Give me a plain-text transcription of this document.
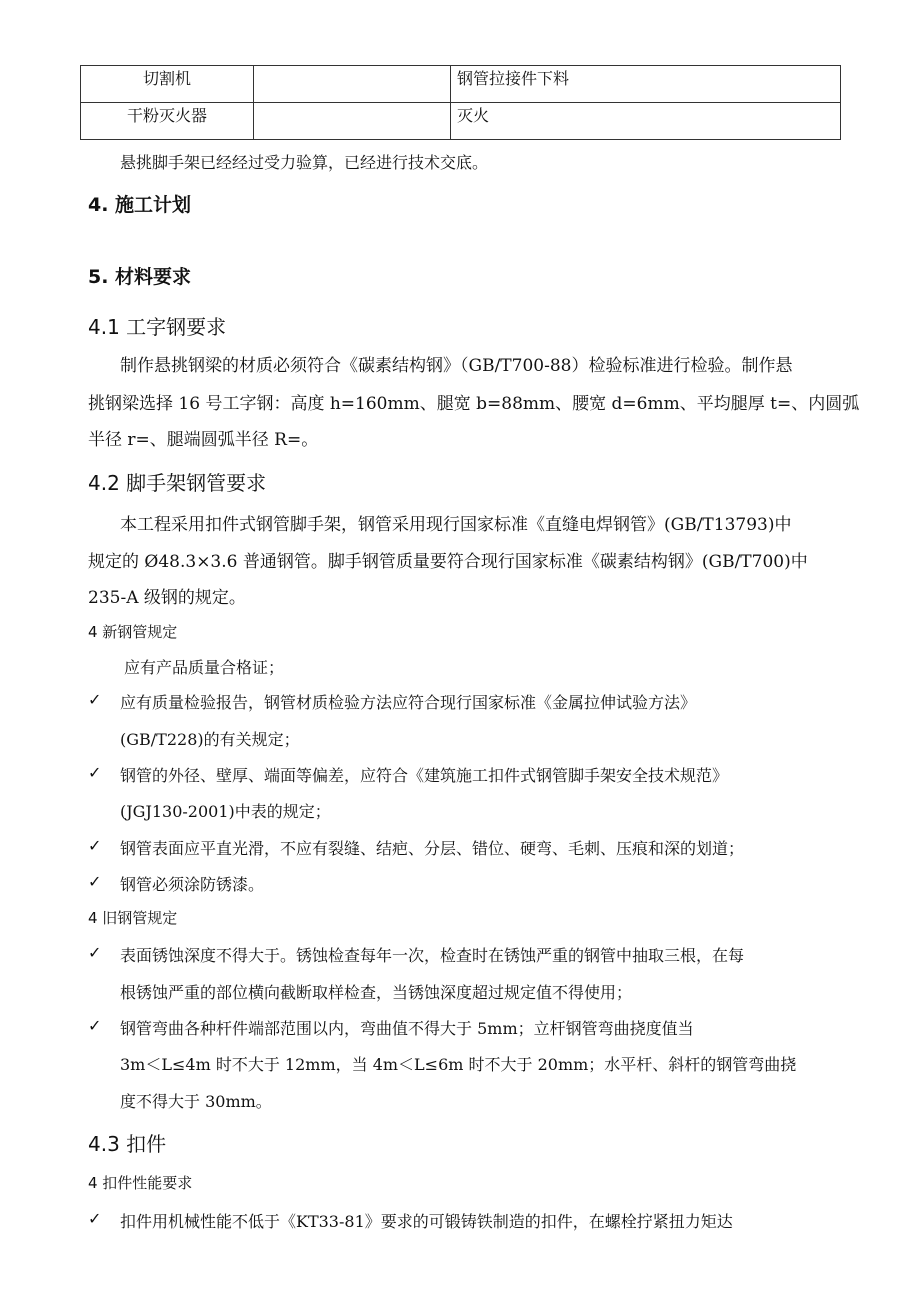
切割机		钢管拉接件下料
干粉灭火器		灭火
悬挑脚手架已经经过受力验算，已经进行技术交底。
4. 施工计划
5. 材料要求
4.1 工字钢要求
制作悬挑钢梁的材质必须符合《碳素结构钢》（GB/T700-88）检验标准进行检验。制作悬
挑钢梁选择 16 号工字钢：高度 h=160mm、腿宽 b=88mm、腰宽 d=6mm、平均腿厚 t=、内圆弧
半径 r=、腿端圆弧半径 R=。
4.2 脚手架钢管要求
本工程采用扣件式钢管脚手架，钢管采用现行国家标准《直缝电焊钢管》(GB/T13793)中
规定的 Ø48.3×3.6 普通钢管。脚手钢管质量要符合现行国家标准《碳素结构钢》(GB/T700)中
235-A 级钢的规定。
4 新钢管规定
应有产品质量合格证；
✓ 应有质量检验报告，钢管材质检验方法应符合现行国家标准《金属拉伸试验方法》
(GB/T228)的有关规定；
✓ 钢管的外径、壁厚、端面等偏差，应符合《建筑施工扣件式钢管脚手架安全技术规范》
(JGJ130-2001)中表的规定；
✓ 钢管表面应平直光滑，不应有裂缝、结疤、分层、错位、硬弯、毛刺、压痕和深的划道；
✓ 钢管必须涂防锈漆。
4 旧钢管规定
✓ 表面锈蚀深度不得大于。锈蚀检查每年一次，检查时在锈蚀严重的钢管中抽取三根，在每
根锈蚀严重的部位横向截断取样检查，当锈蚀深度超过规定值不得使用；
✓ 钢管弯曲各种杆件端部范围以内，弯曲值不得大于 5mm；立杆钢管弯曲挠度值当
3m＜L≤4m 时不大于 12mm，当 4m＜L≤6m 时不大于 20mm；水平杆、斜杆的钢管弯曲挠
度不得大于 30mm。
4.3 扣件
4 扣件性能要求
✓ 扣件用机械性能不低于《KT33-81》要求的可锻铸铁制造的扣件，在螺栓拧紧扭力矩达
